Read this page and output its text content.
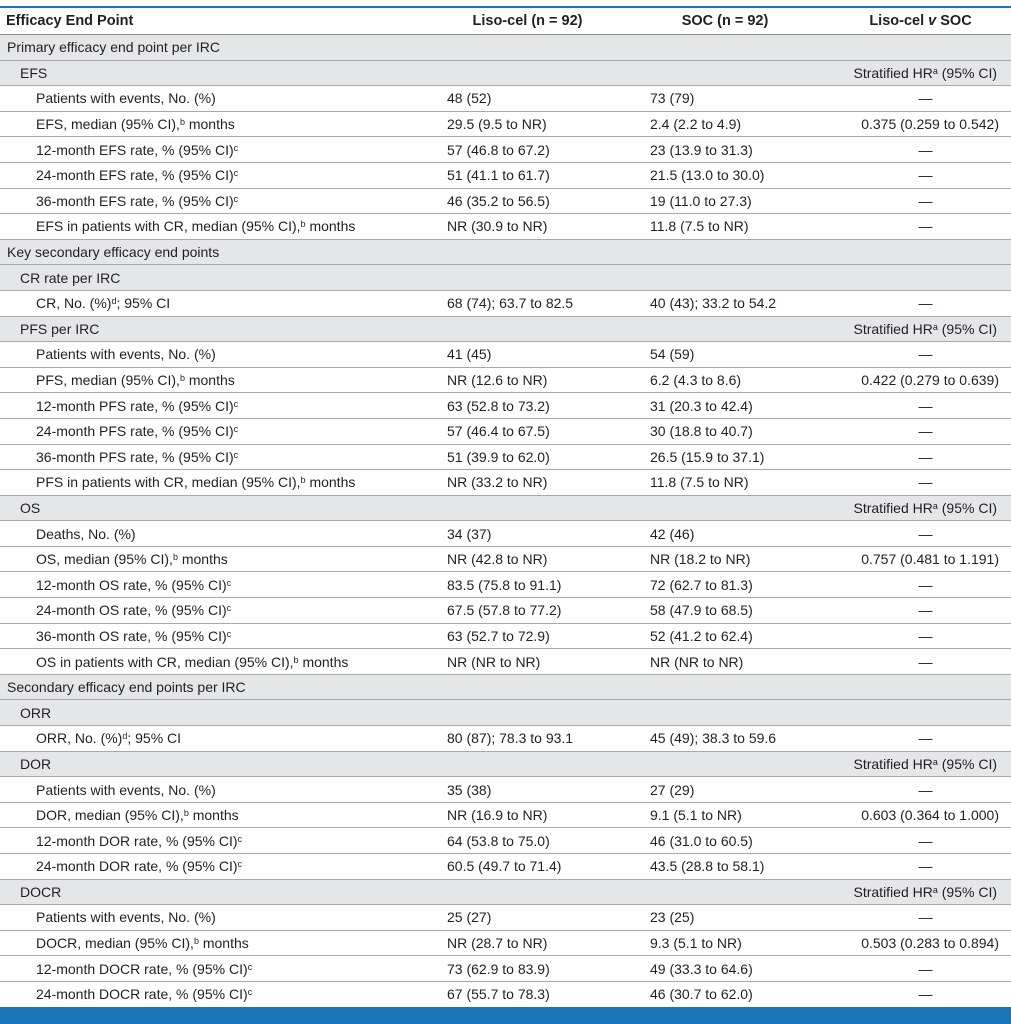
Efficacy End Point	Liso-cel (n = 92)	SOC (n = 92)	Liso-cel v SOC
Primary efficacy end point per IRC			
EFS			Stratified $HR^a$ (95% CI)
Patients with events, No. (%)	48 (52)	73 (79)	—
EFS, median (95% CI),$^b$ months	29.5 (9.5 to NR)	2.4 (2.2 to 4.9)	0.375 (0.259 to 0.542)
12-month EFS rate, % (95% CI)$^c$	57 (46.8 to 67.2)	23 (13.9 to 31.3)	—
24-month EFS rate, % (95% CI)$^c$	51 (41.1 to 61.7)	21.5 (13.0 to 30.0)	—
36-month EFS rate, % (95% CI)$^c$	46 (35.2 to 56.5)	19 (11.0 to 27.3)	—
EFS in patients with CR, median (95% CI),$^b$ months	NR (30.9 to NR)	11.8 (7.5 to NR)	—
Key secondary efficacy end points			
CR rate per IRC			
CR, No. (%)$^d$; 95% CI	68 (74); 63.7 to 82.5	40 (43); 33.2 to 54.2	—
PFS per IRC			Stratified $HR^a$ (95% CI)
Patients with events, No. (%)	41 (45)	54 (59)	—
PFS, median (95% CI),$^b$ months	NR (12.6 to NR)	6.2 (4.3 to 8.6)	0.422 (0.279 to 0.639)
12-month PFS rate, % (95% CI)$^c$	63 (52.8 to 73.2)	31 (20.3 to 42.4)	—
24-month PFS rate, % (95% CI)$^c$	57 (46.4 to 67.5)	30 (18.8 to 40.7)	—
36-month PFS rate, % (95% CI)$^c$	51 (39.9 to 62.0)	26.5 (15.9 to 37.1)	—
PFS in patients with CR, median (95% CI),$^b$ months	NR (33.2 to NR)	11.8 (7.5 to NR)	—
OS			Stratified $HR^a$ (95% CI)
Deaths, No. (%)	34 (37)	42 (46)	—
OS, median (95% CI),$^b$ months	NR (42.8 to NR)	NR (18.2 to NR)	0.757 (0.481 to 1.191)
12-month OS rate, % (95% CI)$^c$	83.5 (75.8 to 91.1)	72 (62.7 to 81.3)	—
24-month OS rate, % (95% CI)$^c$	67.5 (57.8 to 77.2)	58 (47.9 to 68.5)	—
36-month OS rate, % (95% CI)$^c$	63 (52.7 to 72.9)	52 (41.2 to 62.4)	—
OS in patients with CR, median (95% CI),$^b$ months	NR (NR to NR)	NR (NR to NR)	—
Secondary efficacy end points per IRC			
ORR			
ORR, No. (%)$^d$; 95% CI	80 (87); 78.3 to 93.1	45 (49); 38.3 to 59.6	—
DOR			Stratified $HR^a$ (95% CI)
Patients with events, No. (%)	35 (38)	27 (29)	—
DOR, median (95% CI),$^b$ months	NR (16.9 to NR)	9.1 (5.1 to NR)	0.603 (0.364 to 1.000)
12-month DOR rate, % (95% CI)$^c$	64 (53.8 to 75.0)	46 (31.0 to 60.5)	—
24-month DOR rate, % (95% CI)$^c$	60.5 (49.7 to 71.4)	43.5 (28.8 to 58.1)	—
DOCR			Stratified $HR^a$ (95% CI)
Patients with events, No. (%)	25 (27)	23 (25)	—
DOCR, median (95% CI),$^b$ months	NR (28.7 to NR)	9.3 (5.1 to NR)	0.503 (0.283 to 0.894)
12-month DOCR rate, % (95% CI)$^c$	73 (62.9 to 83.9)	49 (33.3 to 64.6)	—
24-month DOCR rate, % (95% CI)$^c$	67 (55.7 to 78.3)	46 (30.7 to 62.0)	—
